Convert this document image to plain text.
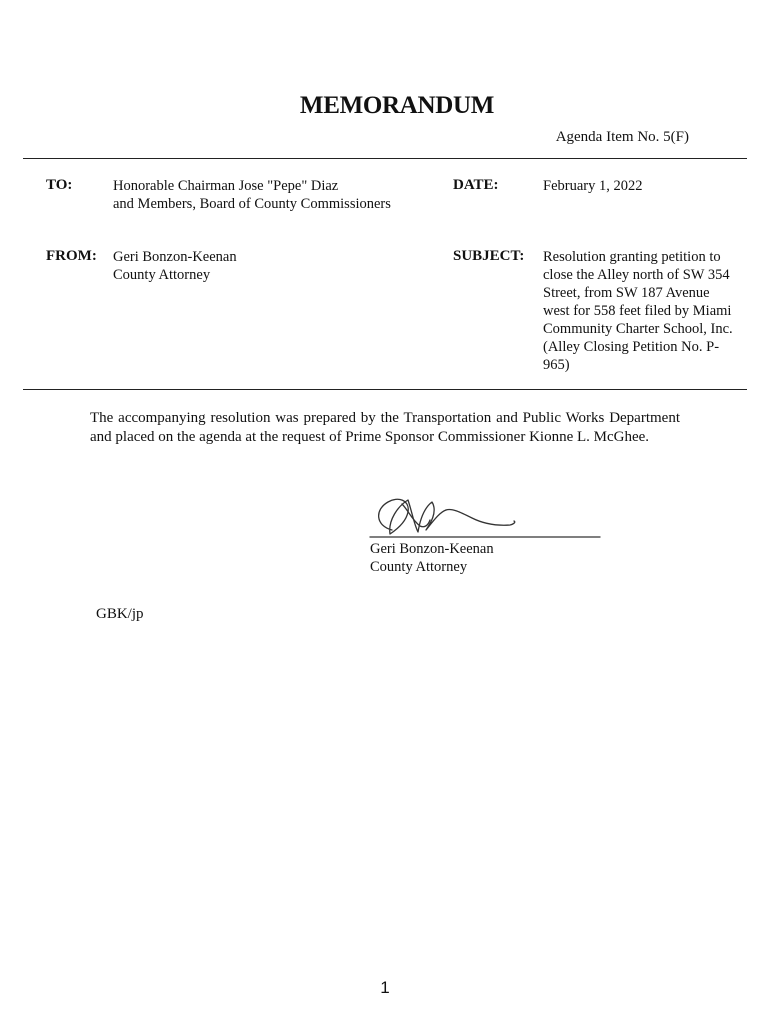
MEMORANDUM
Agenda Item No. 5(F)
TO:	Honorable Chairman Jose "Pepe" Diaz
and Members, Board of County Commissioners
DATE:	February 1, 2022
FROM: Geri Bonzon-Keenan
County Attorney
SUBJECT: Resolution granting petition to
close the Alley north of SW 354
Street, from SW 187 Avenue
west for 558 feet filed by Miami
Community Charter School, Inc.
(Alley Closing Petition No. P-
965)
The accompanying resolution was prepared by the Transportation and Public Works Department and placed on the agenda at the request of Prime Sponsor Commissioner Kionne L. McGhee.
Geri Bonzon-Keenan
County Attorney
GBK/jp
1
